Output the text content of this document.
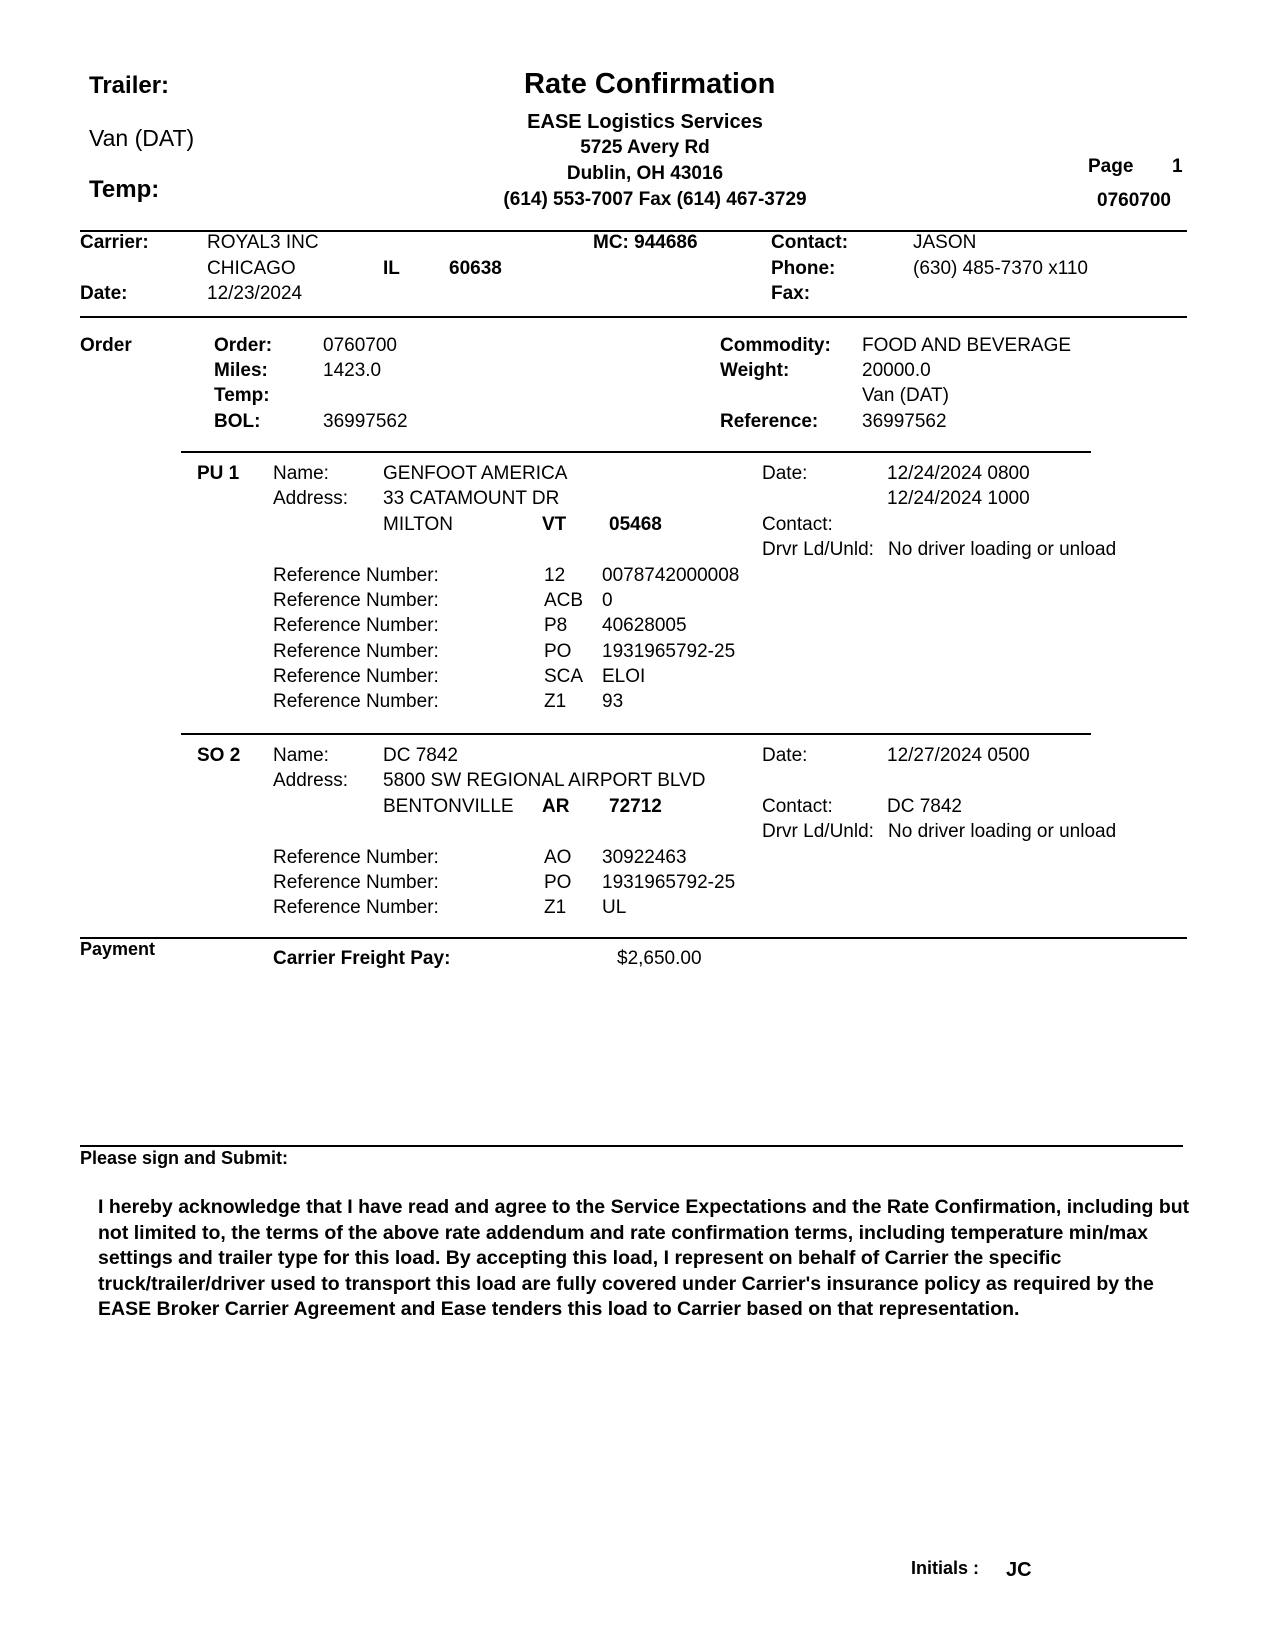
Trailer:
Van (DAT)
Temp:
Rate Confirmation
EASE Logistics Services
5725 Avery Rd
Dublin, OH 43016
(614) 553-7007 Fax (614) 467-3729
Page 1
0760700
Carrier:	ROYAL3 INC
CHICAGO	IL	60638
MC: 944686
Date:	12/23/2024
Contact:	JASON
Phone:	(630) 485-7370 x110
Fax:
Order	Order:	0760700
Miles:	1423.0
Temp:
BOL:	36997562
Commodity: FOOD AND BEVERAGE
Weight:	20000.0
Van (DAT)
Reference: 36997562
PU 1 Name:	GENFOOT AMERICA
Address: 33 CATAMOUNT DR
MILTON	VT 05468
Date:	12/24/2024 0800
12/24/2024 1000
Contact:
Drvr Ld/Unld: No driver loading or unload
Reference Number:	12 0078742000008
Reference Number:	ACB 0
Reference Number:	P8 40628005
Reference Number:	PO 1931965792-25
Reference Number:	SCA ELOI
Reference Number:	Z1 93
SO 2 Name:	DC 7842
Address: 5800 SW REGIONAL AIRPORT BLVD
BENTONVILLE AR 72712
Date:	12/27/2024 0500
Contact:	DC 7842
Drvr Ld/Unld: No driver loading or unload
Reference Number:	AO 30922463
Reference Number:	PO 1931965792-25
Reference Number:	Z1 UL
Payment	Carrier Freight Pay:	$2,650.00
Please sign and Submit:
I hereby acknowledge that I have read and agree to the Service Expectations and the Rate Confirmation, including but not limited to, the terms of the above rate addendum and rate confirmation terms, including temperature min/max settings and trailer type for this load. By accepting this load, I represent on behalf of Carrier the specific truck/trailer/driver used to transport this load are fully covered under Carrier's insurance policy as required by the EASE Broker Carrier Agreement and Ease tenders this load to Carrier based on that representation.
Initials : JC
